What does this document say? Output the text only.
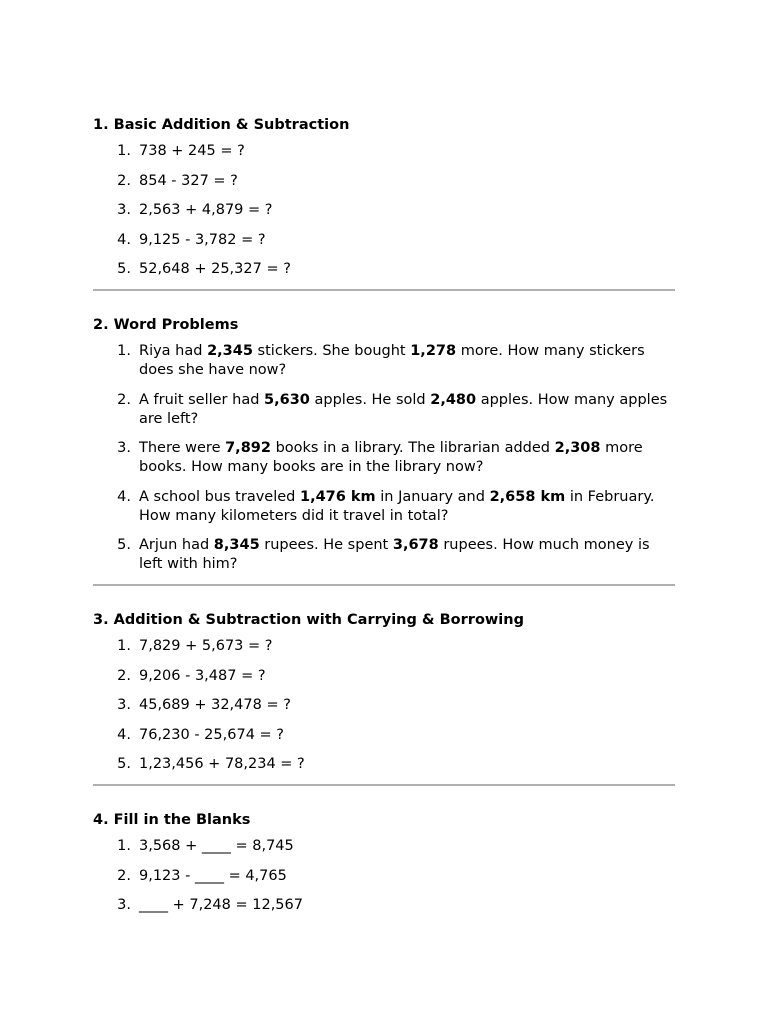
1. Basic Addition & Subtraction
1. 738 + 245 = ?
2. 854 - 327 = ?
3. 2,563 + 4,879 = ?
4. 9,125 - 3,782 = ?
5. 52,648 + 25,327 = ?
2. Word Problems
1. Riya had 2,345 stickers. She bought 1,278 more. How many stickers does she have now?
2. A fruit seller had 5,630 apples. He sold 2,480 apples. How many apples are left?
3. There were 7,892 books in a library. The librarian added 2,308 more books. How many books are in the library now?
4. A school bus traveled 1,476 km in January and 2,658 km in February. How many kilometers did it travel in total?
5. Arjun had 8,345 rupees. He spent 3,678 rupees. How much money is left with him?
3. Addition & Subtraction with Carrying & Borrowing
1. 7,829 + 5,673 = ?
2. 9,206 - 3,487 = ?
3. 45,689 + 32,478 = ?
4. 76,230 - 25,674 = ?
5. 1,23,456 + 78,234 = ?
4. Fill in the Blanks
1. 3,568 + ____ = 8,745
2. 9,123 - ____ = 4,765
3. ____ + 7,248 = 12,567
